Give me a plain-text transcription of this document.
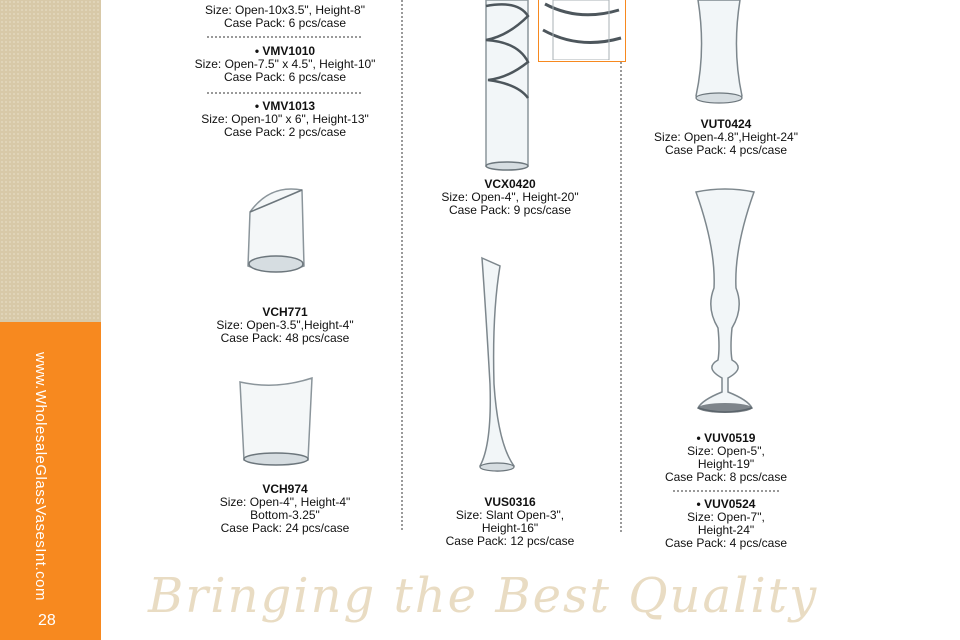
www.WholesaleGlassVasesInt.com
28
Size: Open-10x3.5", Height-8"
Case Pack: 6 pcs/case
• VMV1010
Size: Open-7.5" x 4.5", Height-10"
Case Pack: 6 pcs/case
• VMV1013
Size: Open-10" x 6", Height-13"
Case Pack: 2 pcs/case
VCH771
Size: Open-3.5",Height-4"
Case Pack: 48 pcs/case
VCH974
Size: Open-4", Height-4"
Bottom-3.25"
Case Pack: 24 pcs/case
VCX0420
Size: Open-4", Height-20"
Case Pack: 9 pcs/case
VUS0316
Size: Slant Open-3",
Height-16"
Case Pack: 12 pcs/case
VUT0424
Size: Open-4.8",Height-24"
Case Pack: 4 pcs/case
• VUV0519
Size: Open-5",
Height-19"
Case Pack: 8 pcs/case
• VUV0524
Size: Open-7",
Height-24"
Case Pack: 4 pcs/case
Bringing the Best Quality
